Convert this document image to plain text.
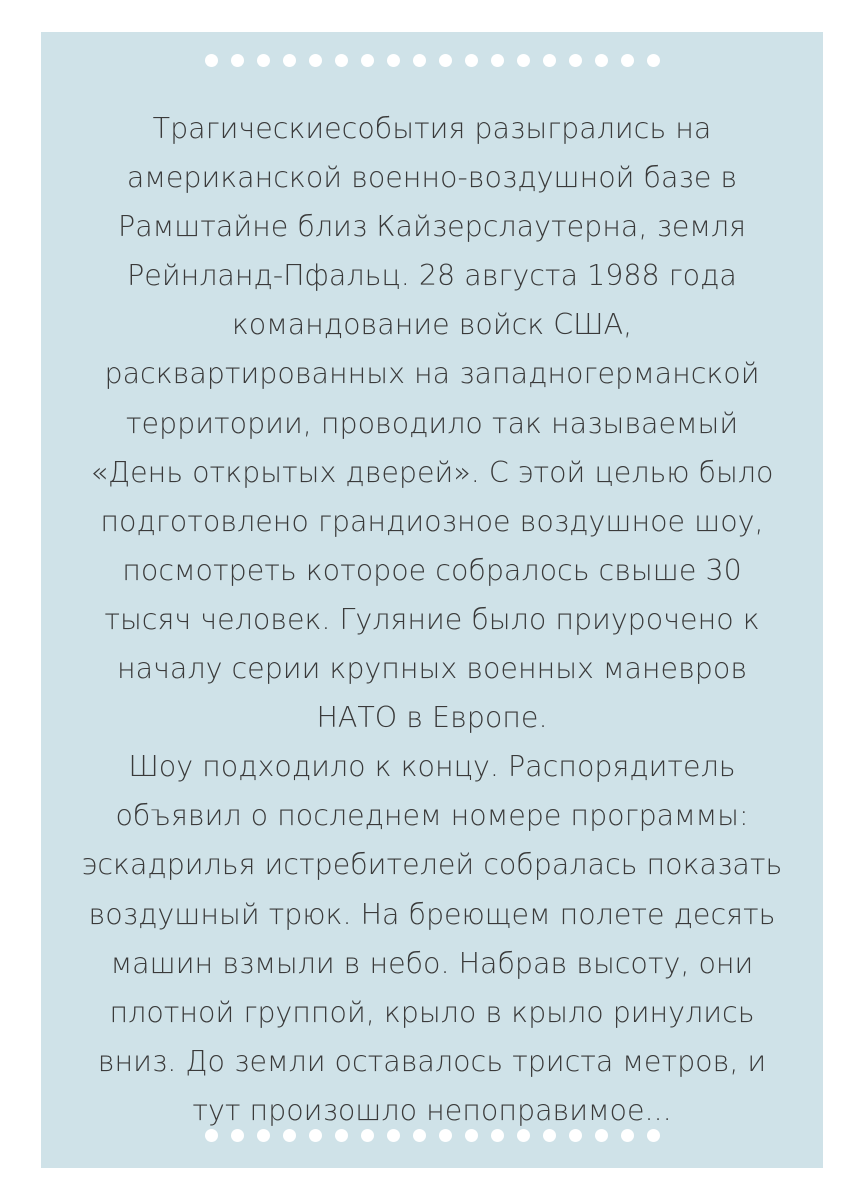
Трагическиесобытия разыгрались на
американской военно-воздушной базе в
Рамштайне близ Кайзерслаутерна, земля
Рейнланд-Пфальц. 28 августа 1988 года
командование войск США,
расквартированных на западногерманской
территории, проводило так называемый
«День открытых дверей». С этой целью было
подготовлено грандиозное воздушное шоу,
посмотреть которое собралось свыше 30
тысяч человек. Гуляние было приурочено к
началу серии крупных военных маневров
НАТО в Европе.
Шоу подходило к концу. Распорядитель
объявил о последнем номере программы:
эскадрилья истребителей собралась показать
воздушный трюк. На бреющем полете десять
машин взмыли в небо. Набрав высоту, они
плотной группой, крыло в крыло ринулись
вниз. До земли оставалось триста метров, и
тут произошло непоправимое...
